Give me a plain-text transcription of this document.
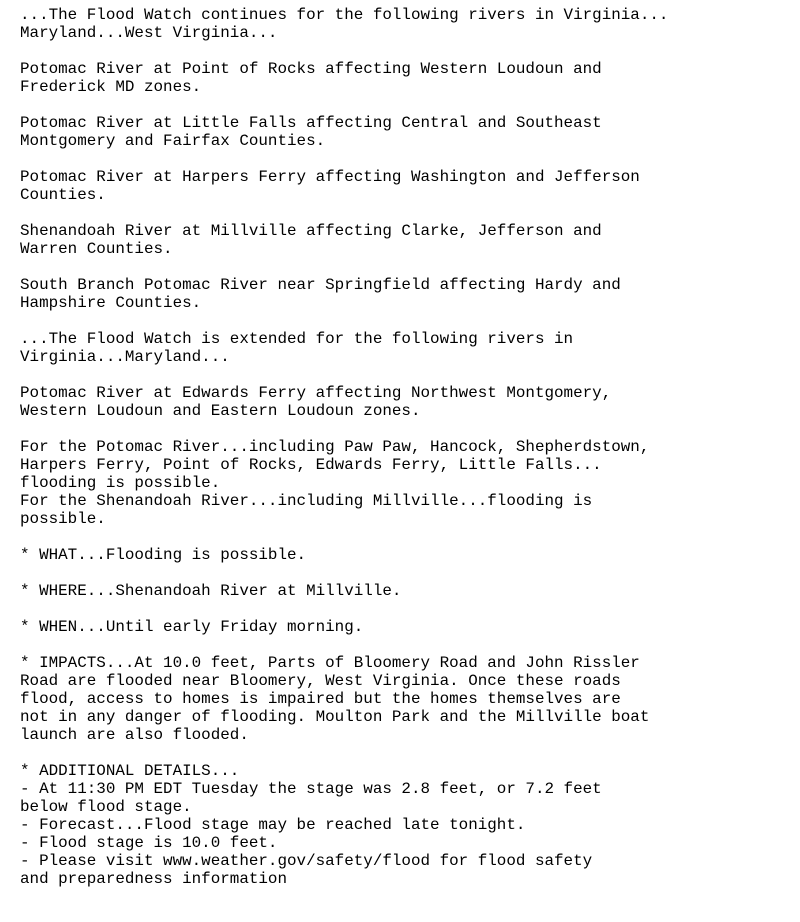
...The Flood Watch continues for the following rivers in Virginia...
Maryland...West Virginia...
Potomac River at Point of Rocks affecting Western Loudoun and
Frederick MD zones.
Potomac River at Little Falls affecting Central and Southeast
Montgomery and Fairfax Counties.
Potomac River at Harpers Ferry affecting Washington and Jefferson
Counties.
Shenandoah River at Millville affecting Clarke, Jefferson and
Warren Counties.
South Branch Potomac River near Springfield affecting Hardy and
Hampshire Counties.
...The Flood Watch is extended for the following rivers in
Virginia...Maryland...
Potomac River at Edwards Ferry affecting Northwest Montgomery,
Western Loudoun and Eastern Loudoun zones.
For the Potomac River...including Paw Paw, Hancock, Shepherdstown,
Harpers Ferry, Point of Rocks, Edwards Ferry, Little Falls...
flooding is possible.
For the Shenandoah River...including Millville...flooding is
possible.
* WHAT...Flooding is possible.
* WHERE...Shenandoah River at Millville.
* WHEN...Until early Friday morning.
* IMPACTS...At 10.0 feet, Parts of Bloomery Road and John Rissler
Road are flooded near Bloomery, West Virginia. Once these roads
flood, access to homes is impaired but the homes themselves are
not in any danger of flooding. Moulton Park and the Millville boat
launch are also flooded.
* ADDITIONAL DETAILS...
- At 11:30 PM EDT Tuesday the stage was 2.8 feet, or 7.2 feet
below flood stage.
- Forecast...Flood stage may be reached late tonight.
- Flood stage is 10.0 feet.
- Please visit www.weather.gov/safety/flood for flood safety
and preparedness information
